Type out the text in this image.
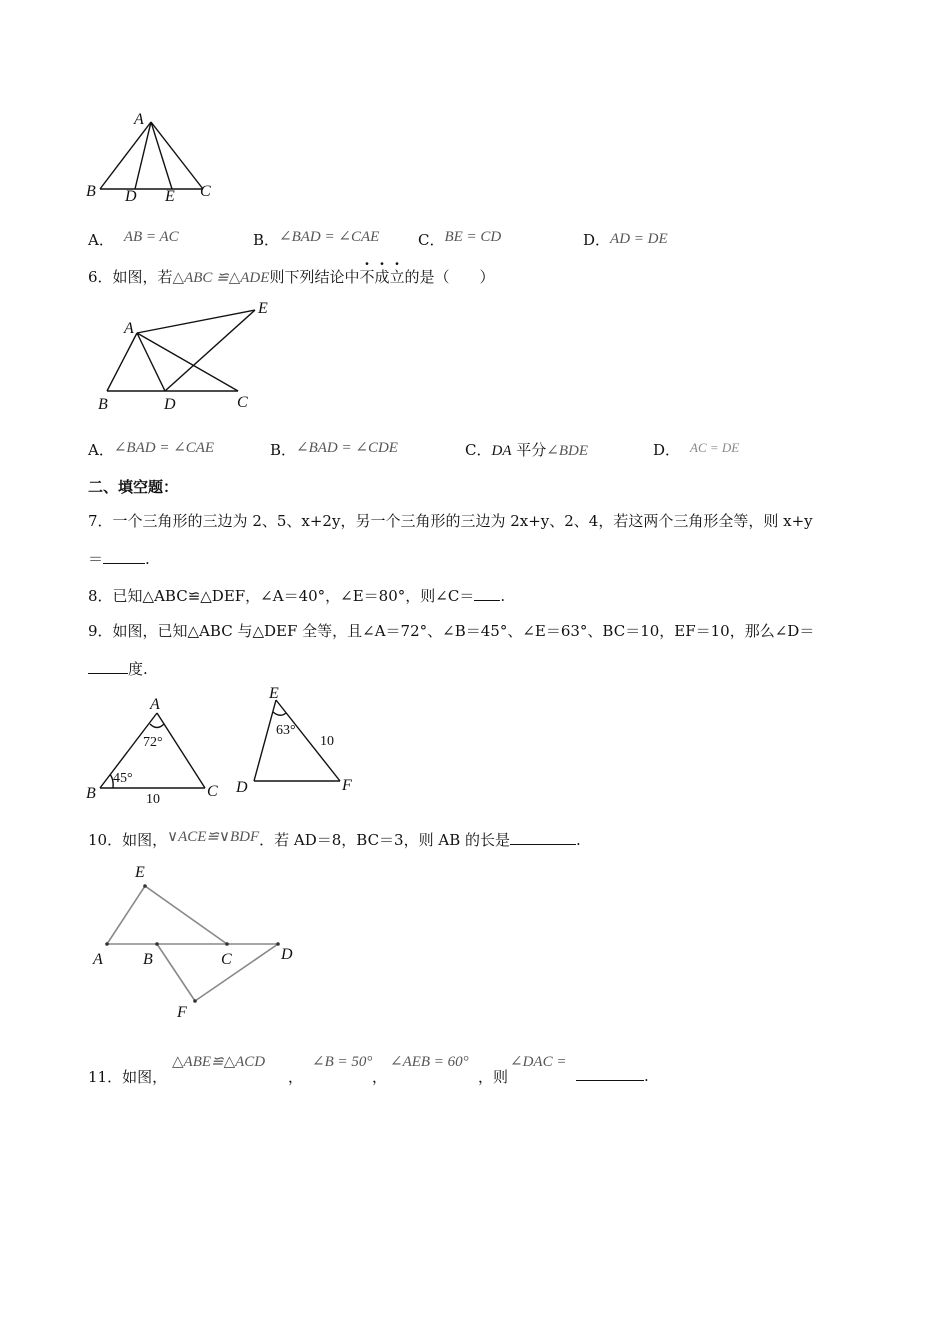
A
B D E C
A． AB = AC	B．∠BAD = ∠CAE	C．BE = CD	D．AD = DE
6．如图，若△ABC ≌△ADE则下列结论中不成立的是（　　）
A
E
B	D	C
A．∠BAD = ∠CAE	B．∠BAD = ∠CDE	C．DA 平分∠BDE	D． AC = DE
二、填空题：
7．一个三角形的三边为 2、5、x+2y，另一个三角形的三边为 2x+y、2、4，若这两个三角形全等，则 x+y
＝	.
8．已知△ABC≌△DEF，∠A＝40°，∠E＝80°，则∠C＝ .
9．如图，已知△ABC 与△DEF 全等，且∠A＝72°、∠B＝45°、∠E＝63°、BC＝10，EF＝10，那么∠D＝
度.
A
B	C
72°
45°
10
E
D	F
63°
10
10．如图，∨ACE≌∨BDF．若 AD＝8，BC＝3，则 AB 的长是	.
E
A	B	C	D
F
11．如图，
△ABE≌△ACD
，
∠B = 50°
，
∠AEB = 60°
，则
∠DAC =
.
